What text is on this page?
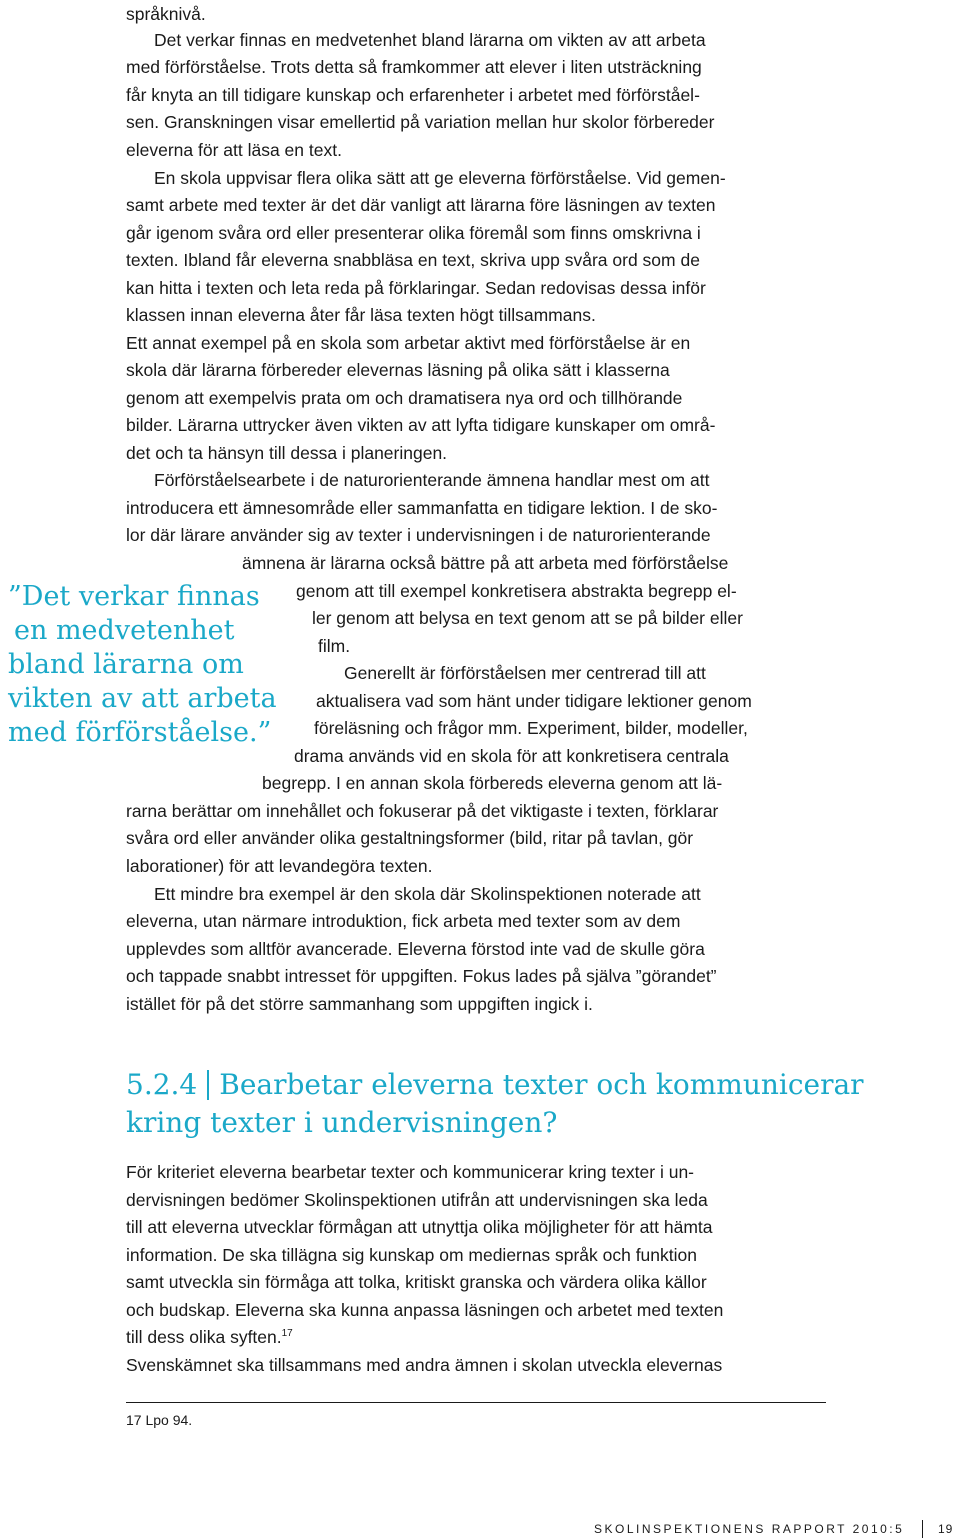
språknivå.
Det verkar finnas en medvetenhet bland lärarna om vikten av att arbeta
med förförståelse. Trots detta så framkommer att elever i liten utsträckning
får knyta an till tidigare kunskap och erfarenheter i arbetet med förförståel-
sen. Granskningen visar emellertid på variation mellan hur skolor förbereder
eleverna för att läsa en text.
En skola uppvisar flera olika sätt att ge eleverna förförståelse. Vid gemen-
samt arbete med texter är det där vanligt att lärarna före läsningen av texten
går igenom svåra ord eller presenterar olika föremål som finns omskrivna i
texten. Ibland får eleverna snabbläsa en text, skriva upp svåra ord som de
kan hitta i texten och leta reda på förklaringar. Sedan redovisas dessa inför
klassen innan eleverna åter får läsa texten högt tillsammans.
Ett annat exempel på en skola som arbetar aktivt med förförståelse är en
skola där lärarna förbereder elevernas läsning på olika sätt i klasserna
genom att exempelvis prata om och dramatisera nya ord och tillhörande
bilder. Lärarna uttrycker även vikten av att lyfta tidigare kunskaper om områ-
det och ta hänsyn till dessa i planeringen.
Förförståelsearbete i de naturorienterande ämnena handlar mest om att
introducera ett ämnesområde eller sammanfatta en tidigare lektion. I de sko-
lor där lärare använder sig av texter i undervisningen i de naturorienterande
ämnena är lärarna också bättre på att arbeta med förförståelse
genom att till exempel konkretisera abstrakta begrepp el-
ler genom att belysa en text genom att se på bilder eller
film.
Generellt är förförståelsen mer centrerad till att
aktualisera vad som hänt under tidigare lektioner genom
föreläsning och frågor mm. Experiment, bilder, modeller,
drama används vid en skola för att konkretisera centrala
begrepp. I en annan skola förbereds eleverna genom att lä-
rarna berättar om innehållet och fokuserar på det viktigaste i texten, förklarar
svåra ord eller använder olika gestaltningsformer (bild, ritar på tavlan, gör
laborationer) för att levandegöra texten.
Ett mindre bra exempel är den skola där Skolinspektionen noterade att
eleverna, utan närmare introduktion, fick arbeta med texter som av dem
upplevdes som alltför avancerade. Eleverna förstod inte vad de skulle göra
och tappade snabbt intresset för uppgiften. Fokus lades på själva ”görandet”
istället för på det större sammanhang som uppgiften ingick i.
”Det verkar finnas
en medvetenhet
bland lärarna om
vikten av att arbeta
med förförståelse.”
5.2.4 Bearbetar eleverna texter och kommunicerar
kring texter i undervisningen?
För kriteriet eleverna bearbetar texter och kommunicerar kring texter i un-
dervisningen bedömer Skolinspektionen utifrån att undervisningen ska leda
till att eleverna utvecklar förmågan att utnyttja olika möjligheter för att hämta
information. De ska tillägna sig kunskap om mediernas språk och funktion
samt utveckla sin förmåga att tolka, kritiskt granska och värdera olika källor
och budskap. Eleverna ska kunna anpassa läsningen och arbetet med texten
till dess olika syften.$^{17}$
Svenskämnet ska tillsammans med andra ämnen i skolan utveckla elevernas
17 Lpo 94.
SKOLINSPEKTIONENS RAPPORT 2010:5	19
